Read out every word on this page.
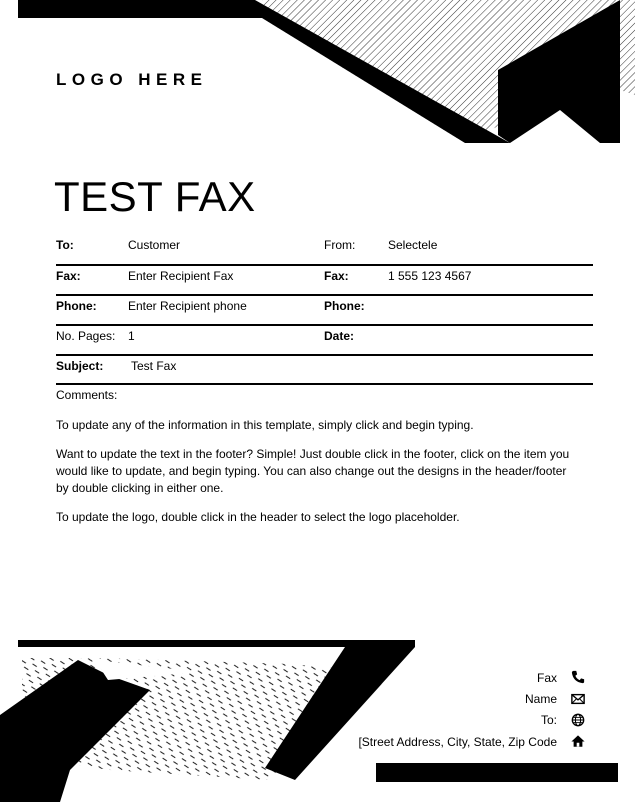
LOGO HERE
TEST FAX
To:	Customer	From:	Selectele
Fax:	Enter Recipient Fax	Fax:	1 555 123 4567
Phone:	Enter Recipient phone	Phone:
No. Pages: 1	Date:
Subject: Test Fax
Comments:
To update any of the information in this template, simply click and begin typing.
Want to update the text in the footer? Simple! Just double click in the footer, click on the item you would like to update, and begin typing. You can also change out the designs in the header/footer by double clicking in either one.
To update the logo, double click in the header to select the logo placeholder.
Fax
Name
To:
[Street Address, City, State, Zip Code
